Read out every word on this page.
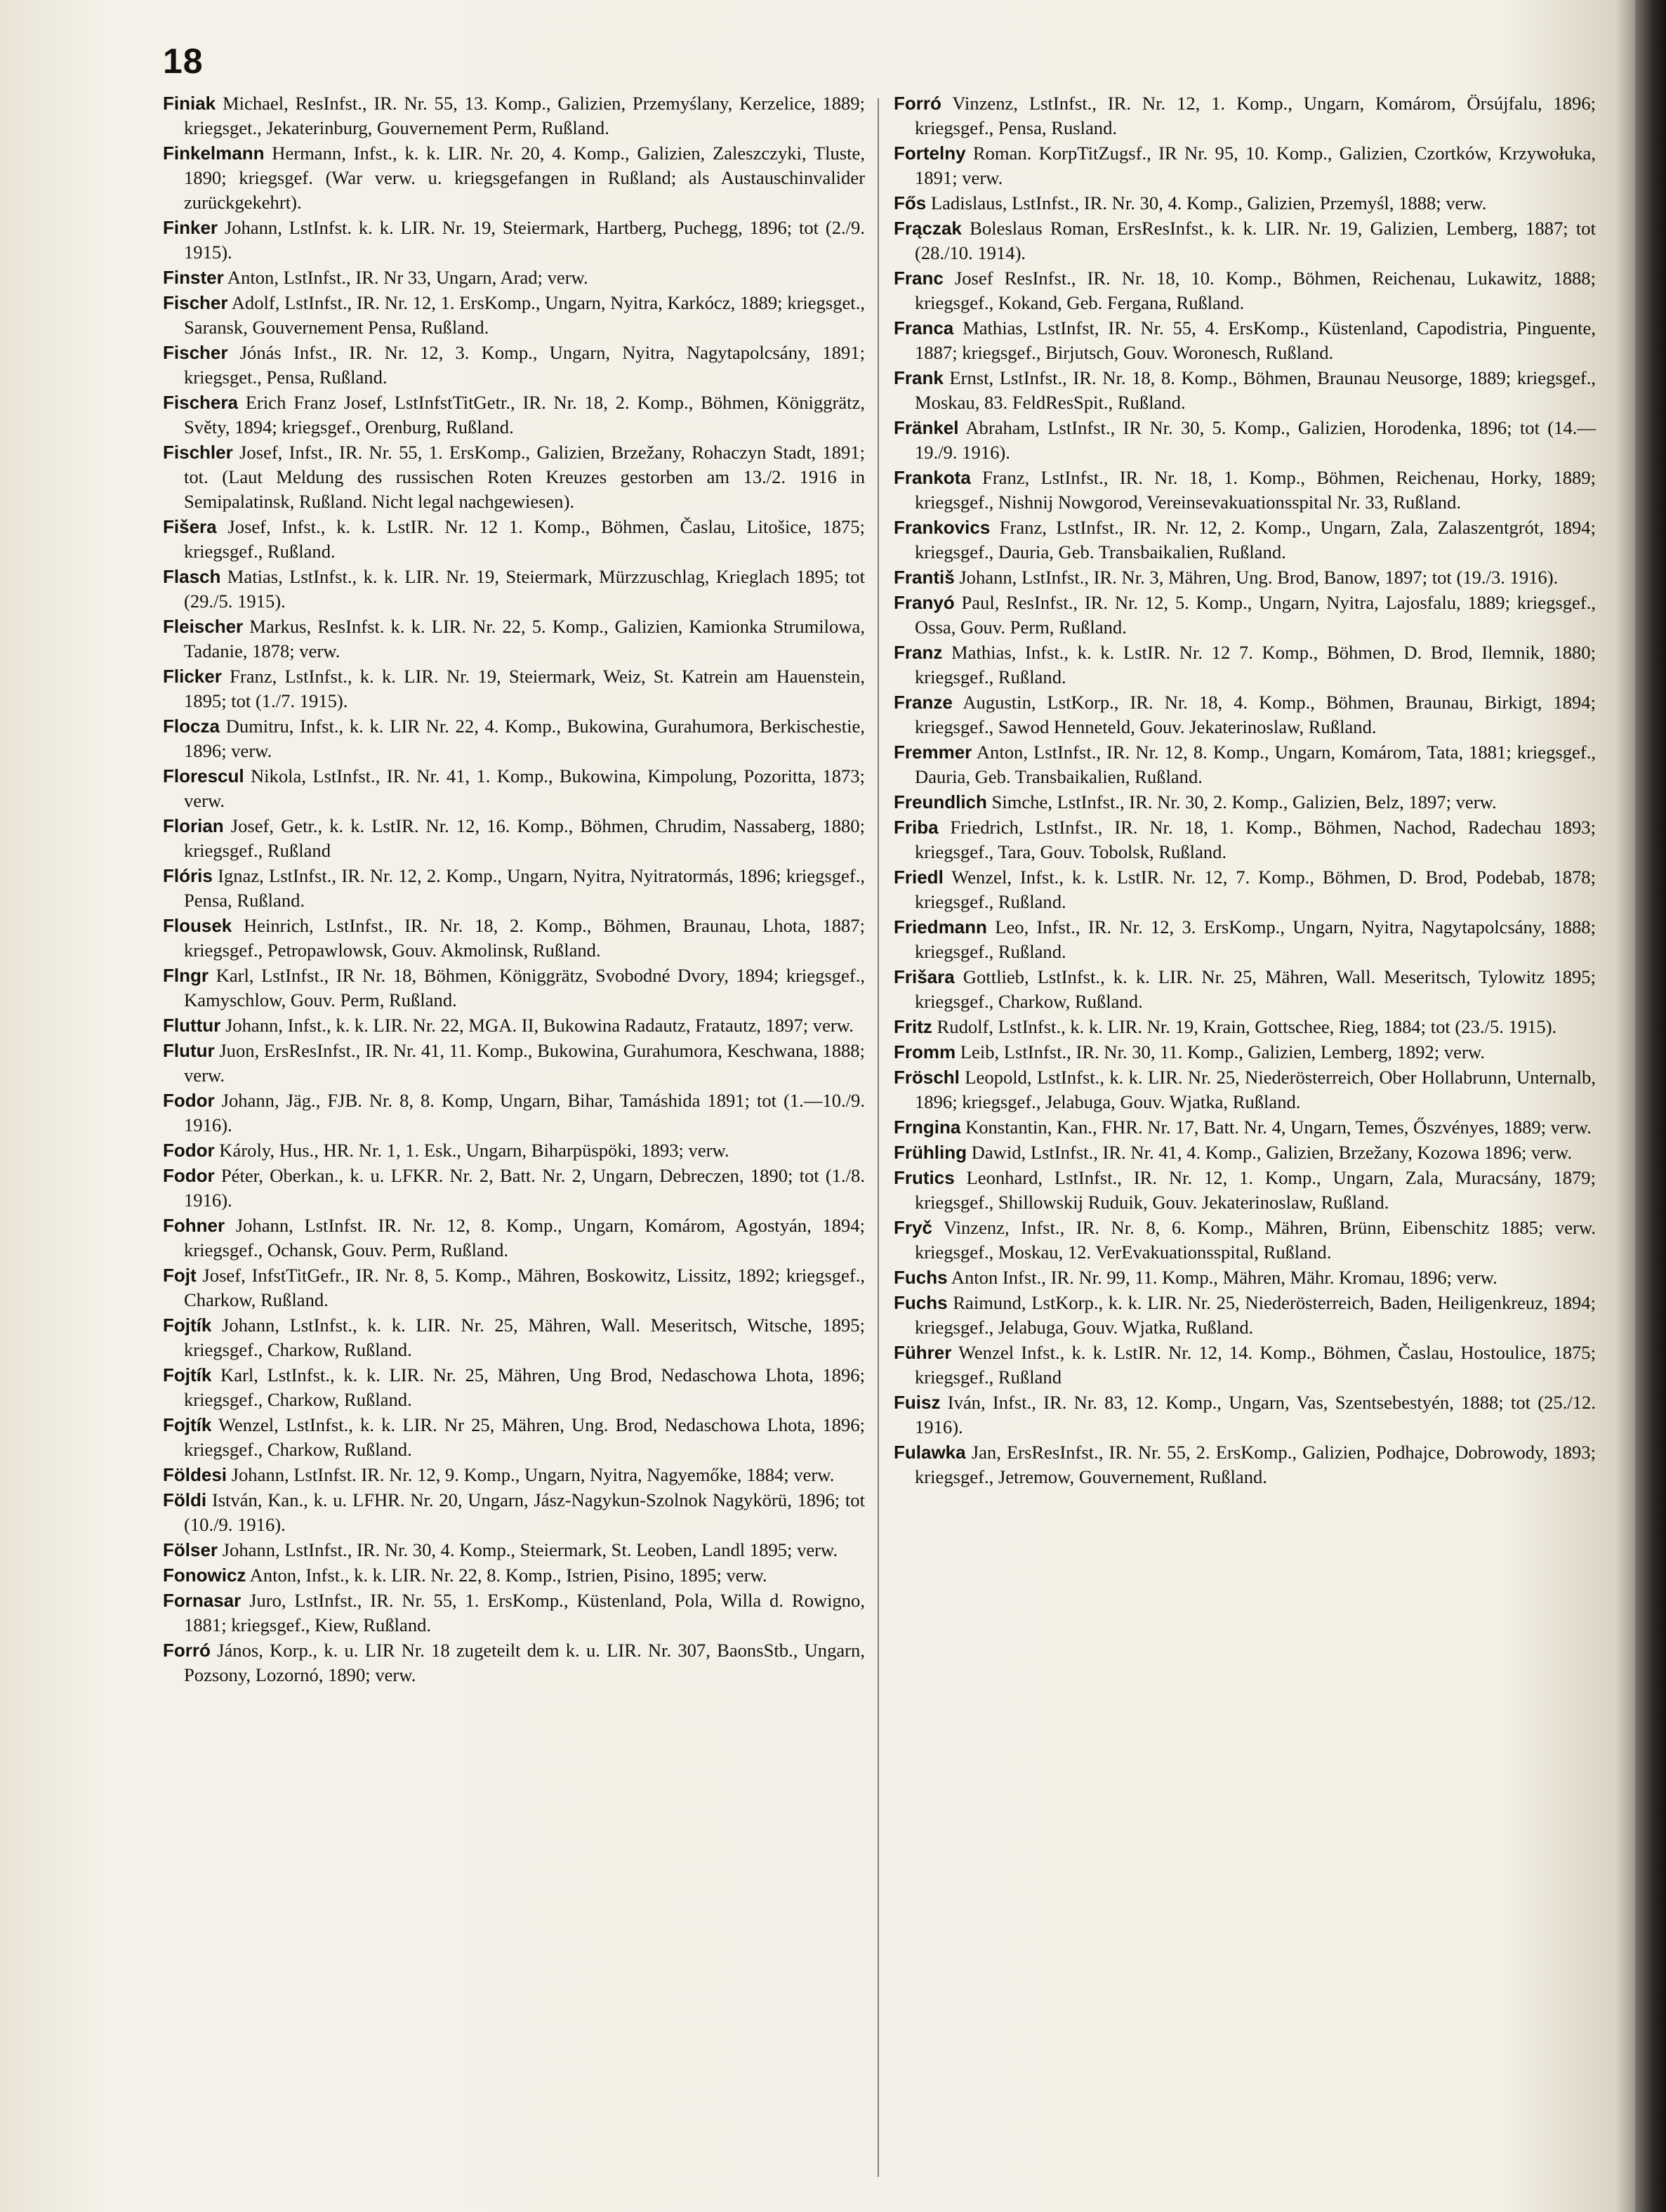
18

Finiak Michael, ResInfst., IR. Nr. 55, 13. Komp., Galizien, Przemyślany, Kerzelice, 1889; kriegsget., Jekaterinburg, Gouvernement Perm, Rußland.

Finkelmann Hermann, Infst., k. k. LIR. Nr. 20, 4. Komp., Galizien, Zaleszczyki, Tluste, 1890; kriegsgef. (War verw. u. kriegsgefangen in Rußland; als Austauschinvalider zurückgekehrt).

Finker Johann, LstInfst. k. k. LIR. Nr. 19, Steiermark, Hartberg, Puchegg, 1896; tot (2./9. 1915).

Finster Anton, LstInfst., IR. Nr 33, Ungarn, Arad; verw.

Fischer Adolf, LstInfst., IR. Nr. 12, 1. ErsKomp., Ungarn, Nyitra, Karkócz, 1889; kriegsget., Saransk, Gouvernement Pensa, Rußland.

Fischer Jónás Infst., IR. Nr. 12, 3. Komp., Ungarn, Nyitra, Nagytapolcsány, 1891; kriegsget., Pensa, Rußland.

Fischera Erich Franz Josef, LstInfstTitGetr., IR. Nr. 18, 2. Komp., Böhmen, Königgrätz, Světy, 1894; kriegsgef., Orenburg, Rußland.

Fischler Josef, Infst., IR. Nr. 55, 1. ErsKomp., Galizien, Brzežany, Rohaczyn Stadt, 1891; tot. (Laut Meldung des russischen Roten Kreuzes gestorben am 13./2. 1916 in Semipalatinsk, Rußland. Nicht legal nachgewiesen).

Fišera Josef, Infst., k. k. LstIR. Nr. 12 1. Komp., Böhmen, Časlau, Litošice, 1875; kriegsgef., Rußland.

Flasch Matias, LstInfst., k. k. LIR. Nr. 19, Steiermark, Mürzzuschlag, Krieglach 1895; tot (29./5. 1915).

Fleischer Markus, ResInfst. k. k. LIR. Nr. 22, 5. Komp., Galizien, Kamionka Strumilowa, Tadanie, 1878; verw.

Flicker Franz, LstInfst., k. k. LIR. Nr. 19, Steiermark, Weiz, St. Katrein am Hauenstein, 1895; tot (1./7. 1915).

Flocza Dumitru, Infst., k. k. LIR Nr. 22, 4. Komp., Bukowina, Gurahumora, Berkischestie, 1896; verw.

Florescul Nikola, LstInfst., IR. Nr. 41, 1. Komp., Bukowina, Kimpolung, Pozoritta, 1873; verw.

Florian Josef, Getr., k. k. LstIR. Nr. 12, 16. Komp., Böhmen, Chrudim, Nassaberg, 1880; kriegsgef., Rußland

Flóris Ignaz, LstInfst., IR. Nr. 12, 2. Komp., Ungarn, Nyitra, Nyitratormás, 1896; kriegsgef., Pensa, Rußland.

Flousek Heinrich, LstInfst., IR. Nr. 18, 2. Komp., Böhmen, Braunau, Lhota, 1887; kriegsgef., Petropawlowsk, Gouv. Akmolinsk, Rußland.

Flngr Karl, LstInfst., IR Nr. 18, Böhmen, Königgrätz, Svobodné Dvory, 1894; kriegsgef., Kamyschlow, Gouv. Perm, Rußland.

Fluttur Johann, Infst., k. k. LIR. Nr. 22, MGA. II, Bukowina Radautz, Fratautz, 1897; verw.

Flutur Juon, ErsResInfst., IR. Nr. 41, 11. Komp., Bukowina, Gurahumora, Keschwana, 1888; verw.

Fodor Johann, Jäg., FJB. Nr. 8, 8. Komp, Ungarn, Bihar, Tamáshida 1891; tot (1.—10./9. 1916).

Fodor Károly, Hus., HR. Nr. 1, 1. Esk., Ungarn, Biharpüspöki, 1893; verw.

Fodor Péter, Oberkan., k. u. LFKR. Nr. 2, Batt. Nr. 2, Ungarn, Debreczen, 1890; tot (1./8. 1916).

Fohner Johann, LstInfst. IR. Nr. 12, 8. Komp., Ungarn, Komárom, Agostyán, 1894; kriegsgef., Ochansk, Gouv. Perm, Rußland.

Fojt Josef, InfstTitGefr., IR. Nr. 8, 5. Komp., Mähren, Boskowitz, Lissitz, 1892; kriegsgef., Charkow, Rußland.

Fojtík Johann, LstInfst., k. k. LIR. Nr. 25, Mähren, Wall. Meseritsch, Witsche, 1895; kriegsgef., Charkow, Rußland.

Fojtík Karl, LstInfst., k. k. LIR. Nr. 25, Mähren, Ung Brod, Nedaschowa Lhota, 1896; kriegsgef., Charkow, Rußland.

Fojtík Wenzel, LstInfst., k. k. LIR. Nr 25, Mähren, Ung. Brod, Nedaschowa Lhota, 1896; kriegsgef., Charkow, Rußland.

Földesi Johann, LstInfst. IR. Nr. 12, 9. Komp., Ungarn, Nyitra, Nagyemőke, 1884; verw.

Földi István, Kan., k. u. LFHR. Nr. 20, Ungarn, Jász-Nagykun-Szolnok Nagykörü, 1896; tot (10./9. 1916).

Fölser Johann, LstInfst., IR. Nr. 30, 4. Komp., Steiermark, St. Leoben, Landl 1895; verw.

Fonowicz Anton, Infst., k. k. LIR. Nr. 22, 8. Komp., Istrien, Pisino, 1895; verw.

Fornasar Juro, LstInfst., IR. Nr. 55, 1. ErsKomp., Küstenland, Pola, Willa d. Rowigno, 1881; kriegsgef., Kiew, Rußland.

Forró János, Korp., k. u. LIR Nr. 18 zugeteilt dem k. u. LIR. Nr. 307, BaonsStb., Ungarn, Pozsony, Lozornó, 1890; verw.

Forró Vinzenz, LstInfst., IR. Nr. 12, 1. Komp., Ungarn, Komárom, Örsújfalu, 1896; kriegsgef., Pensa, Rusland.

Fortelny Roman. KorpTitZugsf., IR Nr. 95, 10. Komp., Galizien, Czortków, Krzywołuka, 1891; verw.

Fős Ladislaus, LstInfst., IR. Nr. 30, 4. Komp., Galizien, Przemyśl, 1888; verw.

Frączak Boleslaus Roman, ErsResInfst., k. k. LIR. Nr. 19, Galizien, Lemberg, 1887; tot (28./10. 1914).

Franc Josef ResInfst., IR. Nr. 18, 10. Komp., Böhmen, Reichenau, Lukawitz, 1888; kriegsgef., Kokand, Geb. Fergana, Rußland.

Franca Mathias, LstInfst, IR. Nr. 55, 4. ErsKomp., Küstenland, Capodistria, Pinguente, 1887; kriegsgef., Birjutsch, Gouv. Woronesch, Rußland.

Frank Ernst, LstInfst., IR. Nr. 18, 8. Komp., Böhmen, Braunau Neusorge, 1889; kriegsgef., Moskau, 83. FeldResSpit., Rußland.

Fränkel Abraham, LstInfst., IR Nr. 30, 5. Komp., Galizien, Horodenka, 1896; tot (14.—19./9. 1916).

Frankota Franz, LstInfst., IR. Nr. 18, 1. Komp., Böhmen, Reichenau, Horky, 1889; kriegsgef., Nishnij Nowgorod, Vereinsevakuationsspital Nr. 33, Rußland.

Frankovics Franz, LstInfst., IR. Nr. 12, 2. Komp., Ungarn, Zala, Zalaszentgrót, 1894; kriegsgef., Dauria, Geb. Transbaikalien, Rußland.

Františ Johann, LstInfst., IR. Nr. 3, Mähren, Ung. Brod, Banow, 1897; tot (19./3. 1916).

Franyó Paul, ResInfst., IR. Nr. 12, 5. Komp., Ungarn, Nyitra, Lajosfalu, 1889; kriegsgef., Ossa, Gouv. Perm, Rußland.

Franz Mathias, Infst., k. k. LstIR. Nr. 12 7. Komp., Böhmen, D. Brod, Ilemnik, 1880; kriegsgef., Rußland.

Franze Augustin, LstKorp., IR. Nr. 18, 4. Komp., Böhmen, Braunau, Birkigt, 1894; kriegsgef., Sawod Henneteld, Gouv. Jekaterinoslaw, Rußland.

Fremmer Anton, LstInfst., IR. Nr. 12, 8. Komp., Ungarn, Komárom, Tata, 1881; kriegsgef., Dauria, Geb. Transbaikalien, Rußland.

Freundlich Simche, LstInfst., IR. Nr. 30, 2. Komp., Galizien, Belz, 1897; verw.

Friba Friedrich, LstInfst., IR. Nr. 18, 1. Komp., Böhmen, Nachod, Radechau 1893; kriegsgef., Tara, Gouv. Tobolsk, Rußland.

Friedl Wenzel, Infst., k. k. LstIR. Nr. 12, 7. Komp., Böhmen, D. Brod, Podebab, 1878; kriegsgef., Rußland.

Friedmann Leo, Infst., IR. Nr. 12, 3. ErsKomp., Ungarn, Nyitra, Nagytapolcsány, 1888; kriegsgef., Rußland.

Frišara Gottlieb, LstInfst., k. k. LIR. Nr. 25, Mähren, Wall. Meseritsch, Tylowitz 1895; kriegsgef., Charkow, Rußland.

Fritz Rudolf, LstInfst., k. k. LIR. Nr. 19, Krain, Gottschee, Rieg, 1884; tot (23./5. 1915).

Fromm Leib, LstInfst., IR. Nr. 30, 11. Komp., Galizien, Lemberg, 1892; verw.

Fröschl Leopold, LstInfst., k. k. LIR. Nr. 25, Niederösterreich, Ober Hollabrunn, Unternalb, 1896; kriegsgef., Jelabuga, Gouv. Wjatka, Rußland.

Frngina Konstantin, Kan., FHR. Nr. 17, Batt. Nr. 4, Ungarn, Temes, Őszvényes, 1889; verw.

Frühling Dawid, LstInfst., IR. Nr. 41, 4. Komp., Galizien, Brzežany, Kozowa 1896; verw.

Frutics Leonhard, LstInfst., IR. Nr. 12, 1. Komp., Ungarn, Zala, Muracsány, 1879; kriegsgef., Shillowskij Ruduik, Gouv. Jekaterinoslaw, Rußland.

Fryč Vinzenz, Infst., IR. Nr. 8, 6. Komp., Mähren, Brünn, Eibenschitz 1885; verw. kriegsgef., Moskau, 12. VerEvakuationsspital, Rußland.

Fuchs Anton Infst., IR. Nr. 99, 11. Komp., Mähren, Mähr. Kromau, 1896; verw.

Fuchs Raimund, LstKorp., k. k. LIR. Nr. 25, Niederösterreich, Baden, Heiligenkreuz, 1894; kriegsgef., Jelabuga, Gouv. Wjatka, Rußland.

Führer Wenzel Infst., k. k. LstIR. Nr. 12, 14. Komp., Böhmen, Časlau, Hostoulice, 1875; kriegsgef., Rußland

Fuisz Iván, Infst., IR. Nr. 83, 12. Komp., Ungarn, Vas, Szentsebestyén, 1888; tot (25./12. 1916).

Fulawka Jan, ErsResInfst., IR. Nr. 55, 2. ErsKomp., Galizien, Podhajce, Dobrowody, 1893; kriegsgef., Jetremow, Gouvernement, Rußland.
